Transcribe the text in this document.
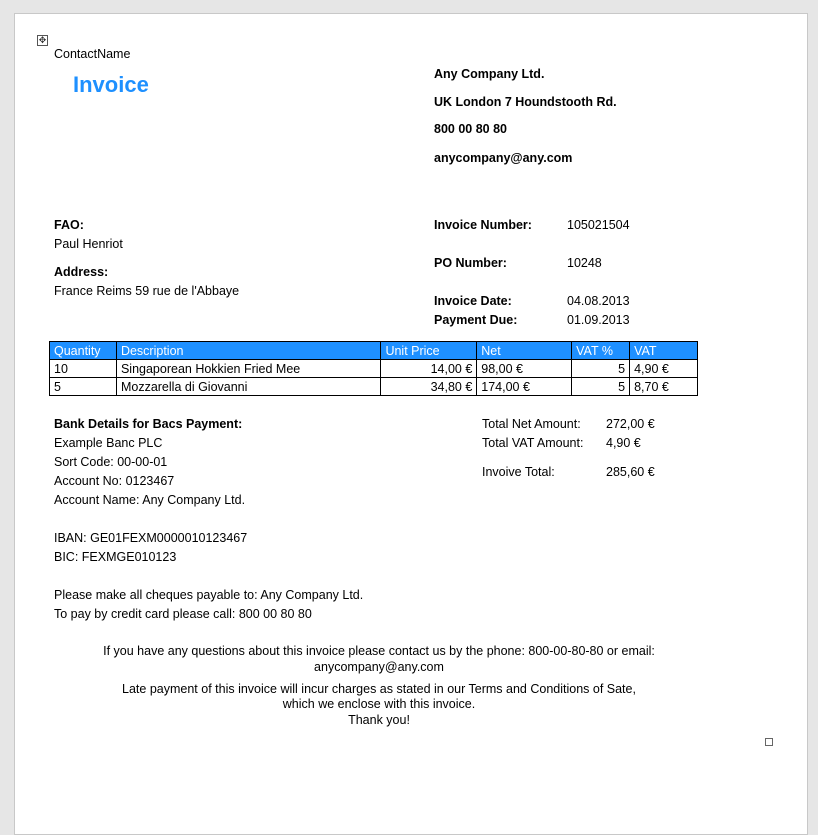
✥
ContactName
Invoice	Any Company Ltd.
UK London 7 Houndstooth Rd.
800 00 80 80
anycompany@any.com
FAO:
Paul Henriot
Address:
France Reims 59 rue de l'Abbaye
Invoice Number:	105021504
PO Number:	10248
Invoice Date:	04.08.2013
Payment Due:	01.09.2013
Quantity	Description	Unit Price	Net	VAT %	VAT
10	Singaporean Hokkien Fried Mee	14,00 €	98,00 €	5	4,90 €
5	Mozzarella di Giovanni	34,80 €	174,00 €	5	8,70 €
Bank Details for Bacs Payment:
Example Banc PLC
Sort Code: 00-00-01
Account No: 0123467
Account Name: Any Company Ltd.
IBAN: GE01FEXM0000010123467
BIC: FEXMGE010123
Please make all cheques payable to: Any Company Ltd.
To pay by credit card please call: 800 00 80 80
Total Net Amount: 272,00 €
Total VAT Amount: 4,90 €
Invoive Total:	285,60 €
If you have any questions about this invoice please contact us by the phone: 800-00-80-80 or email: anycompany@any.com
Late payment of this invoice will incur charges as stated in our Terms and Conditions of Sate,
which we enclose with this invoice.
Thank you!
